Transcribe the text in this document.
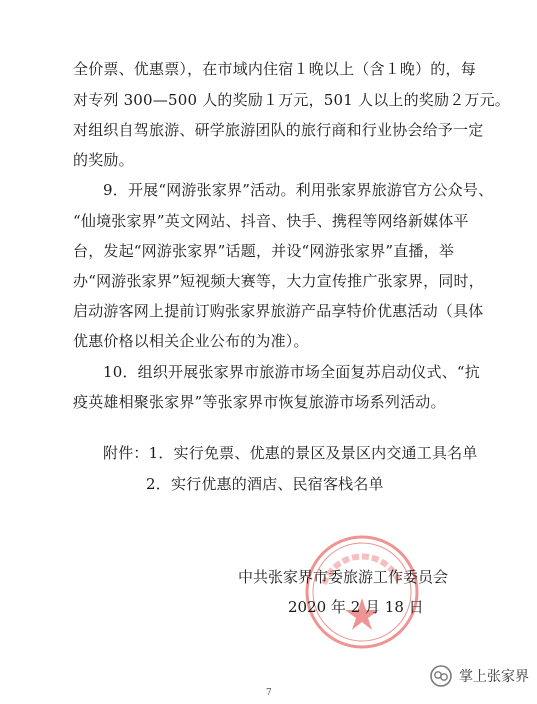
全价票、优惠票），在市域内住宿１晚以上（含１晚）的，每
对专列 300—500 人的奖励１万元，501 人以上的奖励２万元。
对组织自驾旅游、研学旅游团队的旅行商和行业协会给予一定
的奖励。
9．开展“网游张家界”活动。利用张家界旅游官方公众号、
“仙境张家界”英文网站、抖音、快手、携程等网络新媒体平
台，发起“网游张家界”话题，并设“网游张家界”直播，举
办“网游张家界”短视频大赛等，大力宣传推广张家界，同时，
启动游客网上提前订购张家界旅游产品享特价优惠活动（具体
优惠价格以相关企业公布的为准）。
10．组织开展张家界市旅游市场全面复苏启动仪式、“抗
疫英雄相聚张家界”等张家界市恢复旅游市场系列活动。
附件：1．实行免票、优惠的景区及景区内交通工具名单
2．实行优惠的酒店、民宿客栈名单
中共张家界市委旅游工作委员会
2020 年 2 月 18 日
7
掌上张家界
